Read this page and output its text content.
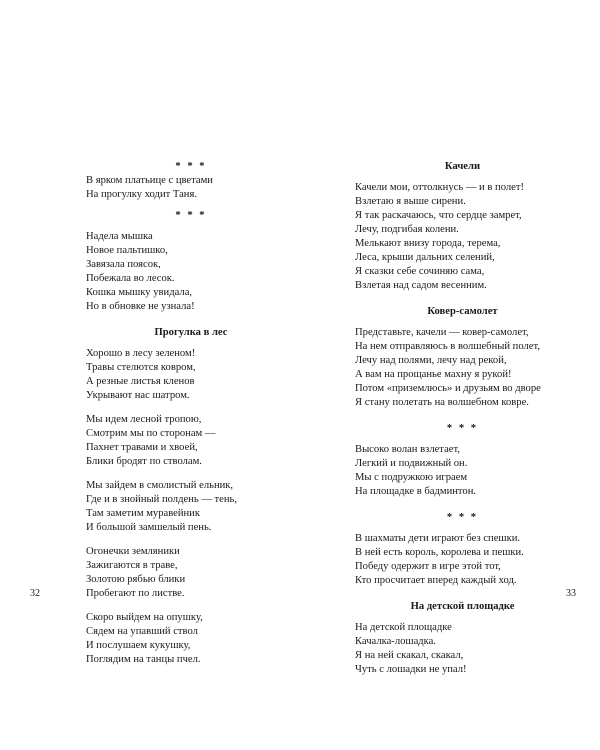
* * *

В ярком платьице с цветами

На прогулку ходит Таня.

* * *

Надела мышка

Новое пальтишко,

Завязала поясок,

Побежала во лесок.

Кошка мышку увидала,

Но в обновке не узнала!

Прогулка в лес

Хорошо в лесу зеленом!

Травы стелются ковром,

А резные листья кленов

Укрывают нас шатром.

Мы идем лесной тропою,

Смотрим мы по сторонам —

Пахнет травами и хвоей,

Блики бродят по стволам.

Мы зайдем в смолистый ельник,

Где и в знойный полдень — тень,

Там заметим муравейник

И большой замшелый пень.

Огонечки земляники

Зажигаются в траве,

Золотою рябью блики

Пробегают по листве.

Скоро выйдем на опушку,

Сядем на упавший ствол

И послушаем кукушку,

Поглядим на танцы пчел.

Качели

Качели мои, оттолкнусь — и в полет!

Взлетаю я выше сирени.

Я так раскачаюсь, что сердце замрет,

Лечу, подгибая колени.

Мелькают внизу города, терема,

Леса, крыши дальних селений,

Я сказки себе сочиняю сама,

Взлетая над садом весенним.

Ковер-самолет

Представьте, качели — ковер-самолет,

На нем отправляюсь в волшебный полет,

Лечу над полями, лечу над рекой,

А вам на прощанье махну я рукой!

Потом «приземлюсь» и друзьям во дворе

Я стану полетать на волшебном ковре.

* * *

Высоко волан взлетает,

Легкий и подвижный он.

Мы с подружкою играем

На площадке в бадминтон.

* * *

В шахматы дети играют без спешки.

В ней есть король, королева и пешки.

Победу одержит в игре этой тот,

Кто просчитает вперед каждый ход.

На детской площадке

На детской площадке

Качалка-лошадка.

Я на ней скакал, скакал,

Чуть с лошадки не упал!

32	33
